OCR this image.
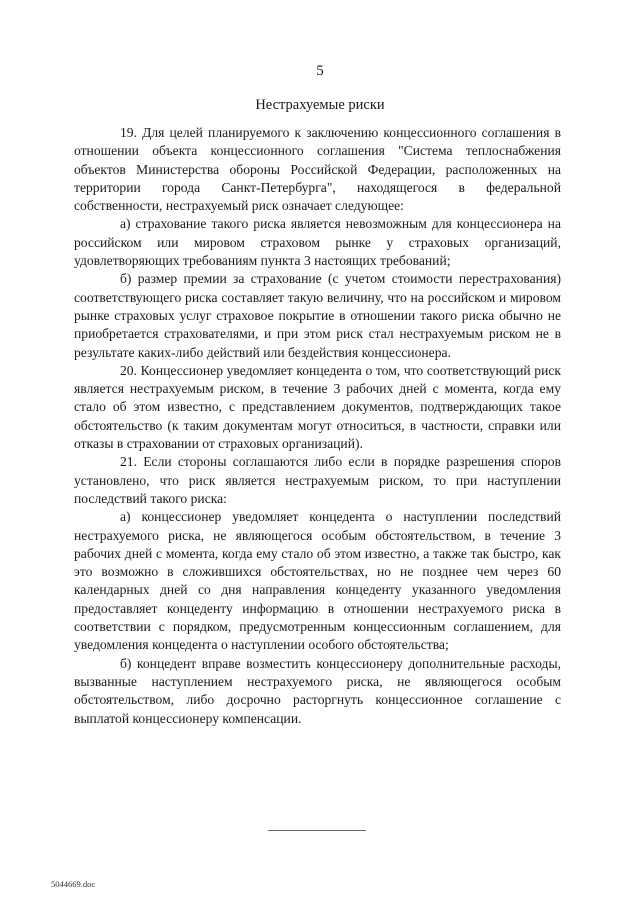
5
Нестрахуемые риски

19. Для целей планируемого к заключению концессионного соглашения в отношении объекта концессионного соглашения "Система теплоснабжения объектов Министерства обороны Российской Федерации, расположенных на территории города Санкт-Петербурга", находящегося в федеральной собственности, нестрахуемый риск означает следующее:

а) страхование такого риска является невозможным для концессионера на российском или мировом страховом рынке у страховых организаций, удовлетворяющих требованиям пункта 3 настоящих требований;

б) размер премии за страхование (с учетом стоимости перестрахования) соответствующего риска составляет такую величину, что на российском и мировом рынке страховых услуг страховое покрытие в отношении такого риска обычно не приобретается страхователями, и при этом риск стал нестрахуемым риском не в результате каких-либо действий или бездействия концессионера.

20. Концессионер уведомляет концедента о том, что соответствующий риск является нестрахуемым риском, в течение 3 рабочих дней с момента, когда ему стало об этом известно, с представлением документов, подтверждающих такое обстоятельство (к таким документам могут относиться, в частности, справки или отказы в страховании от страховых организаций).

21. Если стороны соглашаются либо если в порядке разрешения споров установлено, что риск является нестрахуемым риском, то при наступлении последствий такого риска:

а) концессионер уведомляет концедента о наступлении последствий нестрахуемого риска, не являющегося особым обстоятельством, в течение 3 рабочих дней с момента, когда ему стало об этом известно, а также так быстро, как это возможно в сложившихся обстоятельствах, но не позднее чем через 60 календарных дней со дня направления концеденту указанного уведомления предоставляет концеденту информацию в отношении нестрахуемого риска в соответствии с порядком, предусмотренным концессионным соглашением, для уведомления концедента о наступлении особого обстоятельства;

б) концедент вправе возместить концессионеру дополнительные расходы, вызванные наступлением нестрахуемого риска, не являющегося особым обстоятельством, либо досрочно расторгнуть концессионное соглашение с выплатой концессионеру компенсации.

5044669.doc
